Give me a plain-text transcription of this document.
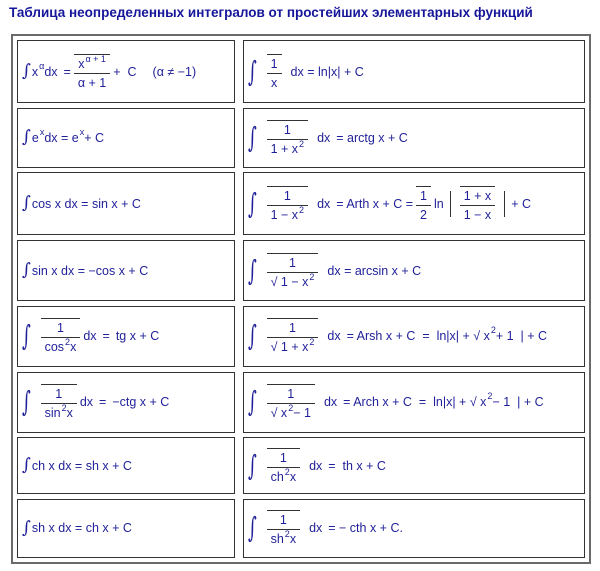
Таблица неопределенных интегралов от простейших элементарных функций
∫ x α dx = $\frac{x^{\alpha + 1}}{\alpha + 1} + C$ (α ≠ −1)
∫ e x dx = e x + C
∫ cos x dx = sin x + C
∫ sin x dx = −cos x + C
∫ $\frac{1}{\cos^2x}$ dx = tg x + C
∫ $\frac{1}{\sin^2x}$ dx = −ctg x + C
∫ ch x dx = sh x + C
∫ sh x dx = ch x + C
∫ $\frac{1}{x}$ dx = ln|x| + C
∫ $\frac{1}{1 + x^2}$ dx = arctg x + C
∫ $\frac{1}{1 - x^2}$ dx = Arth $x + C = \frac{1}{2}$ $\ln \frac{1 + x}{1 - x} + C$
∫ $\frac{1}{√ 1 - x^2}$ dx = arcsin x + C
∫ $\frac{1}{√ 1 + x^2}$ dx = Arsh x + C  =  ln|x| + √ x 2 + 1  | + C
∫ $\frac{1}{√ x^2- 1}$ dx = Arch x + C  =  ln|x| + √ x 2 − 1  | + C
∫ $\frac{1}{ch^2x}$ dx =  th x + C
∫ $\frac{1}{sh^2x}$ dx = − cth x + C.
